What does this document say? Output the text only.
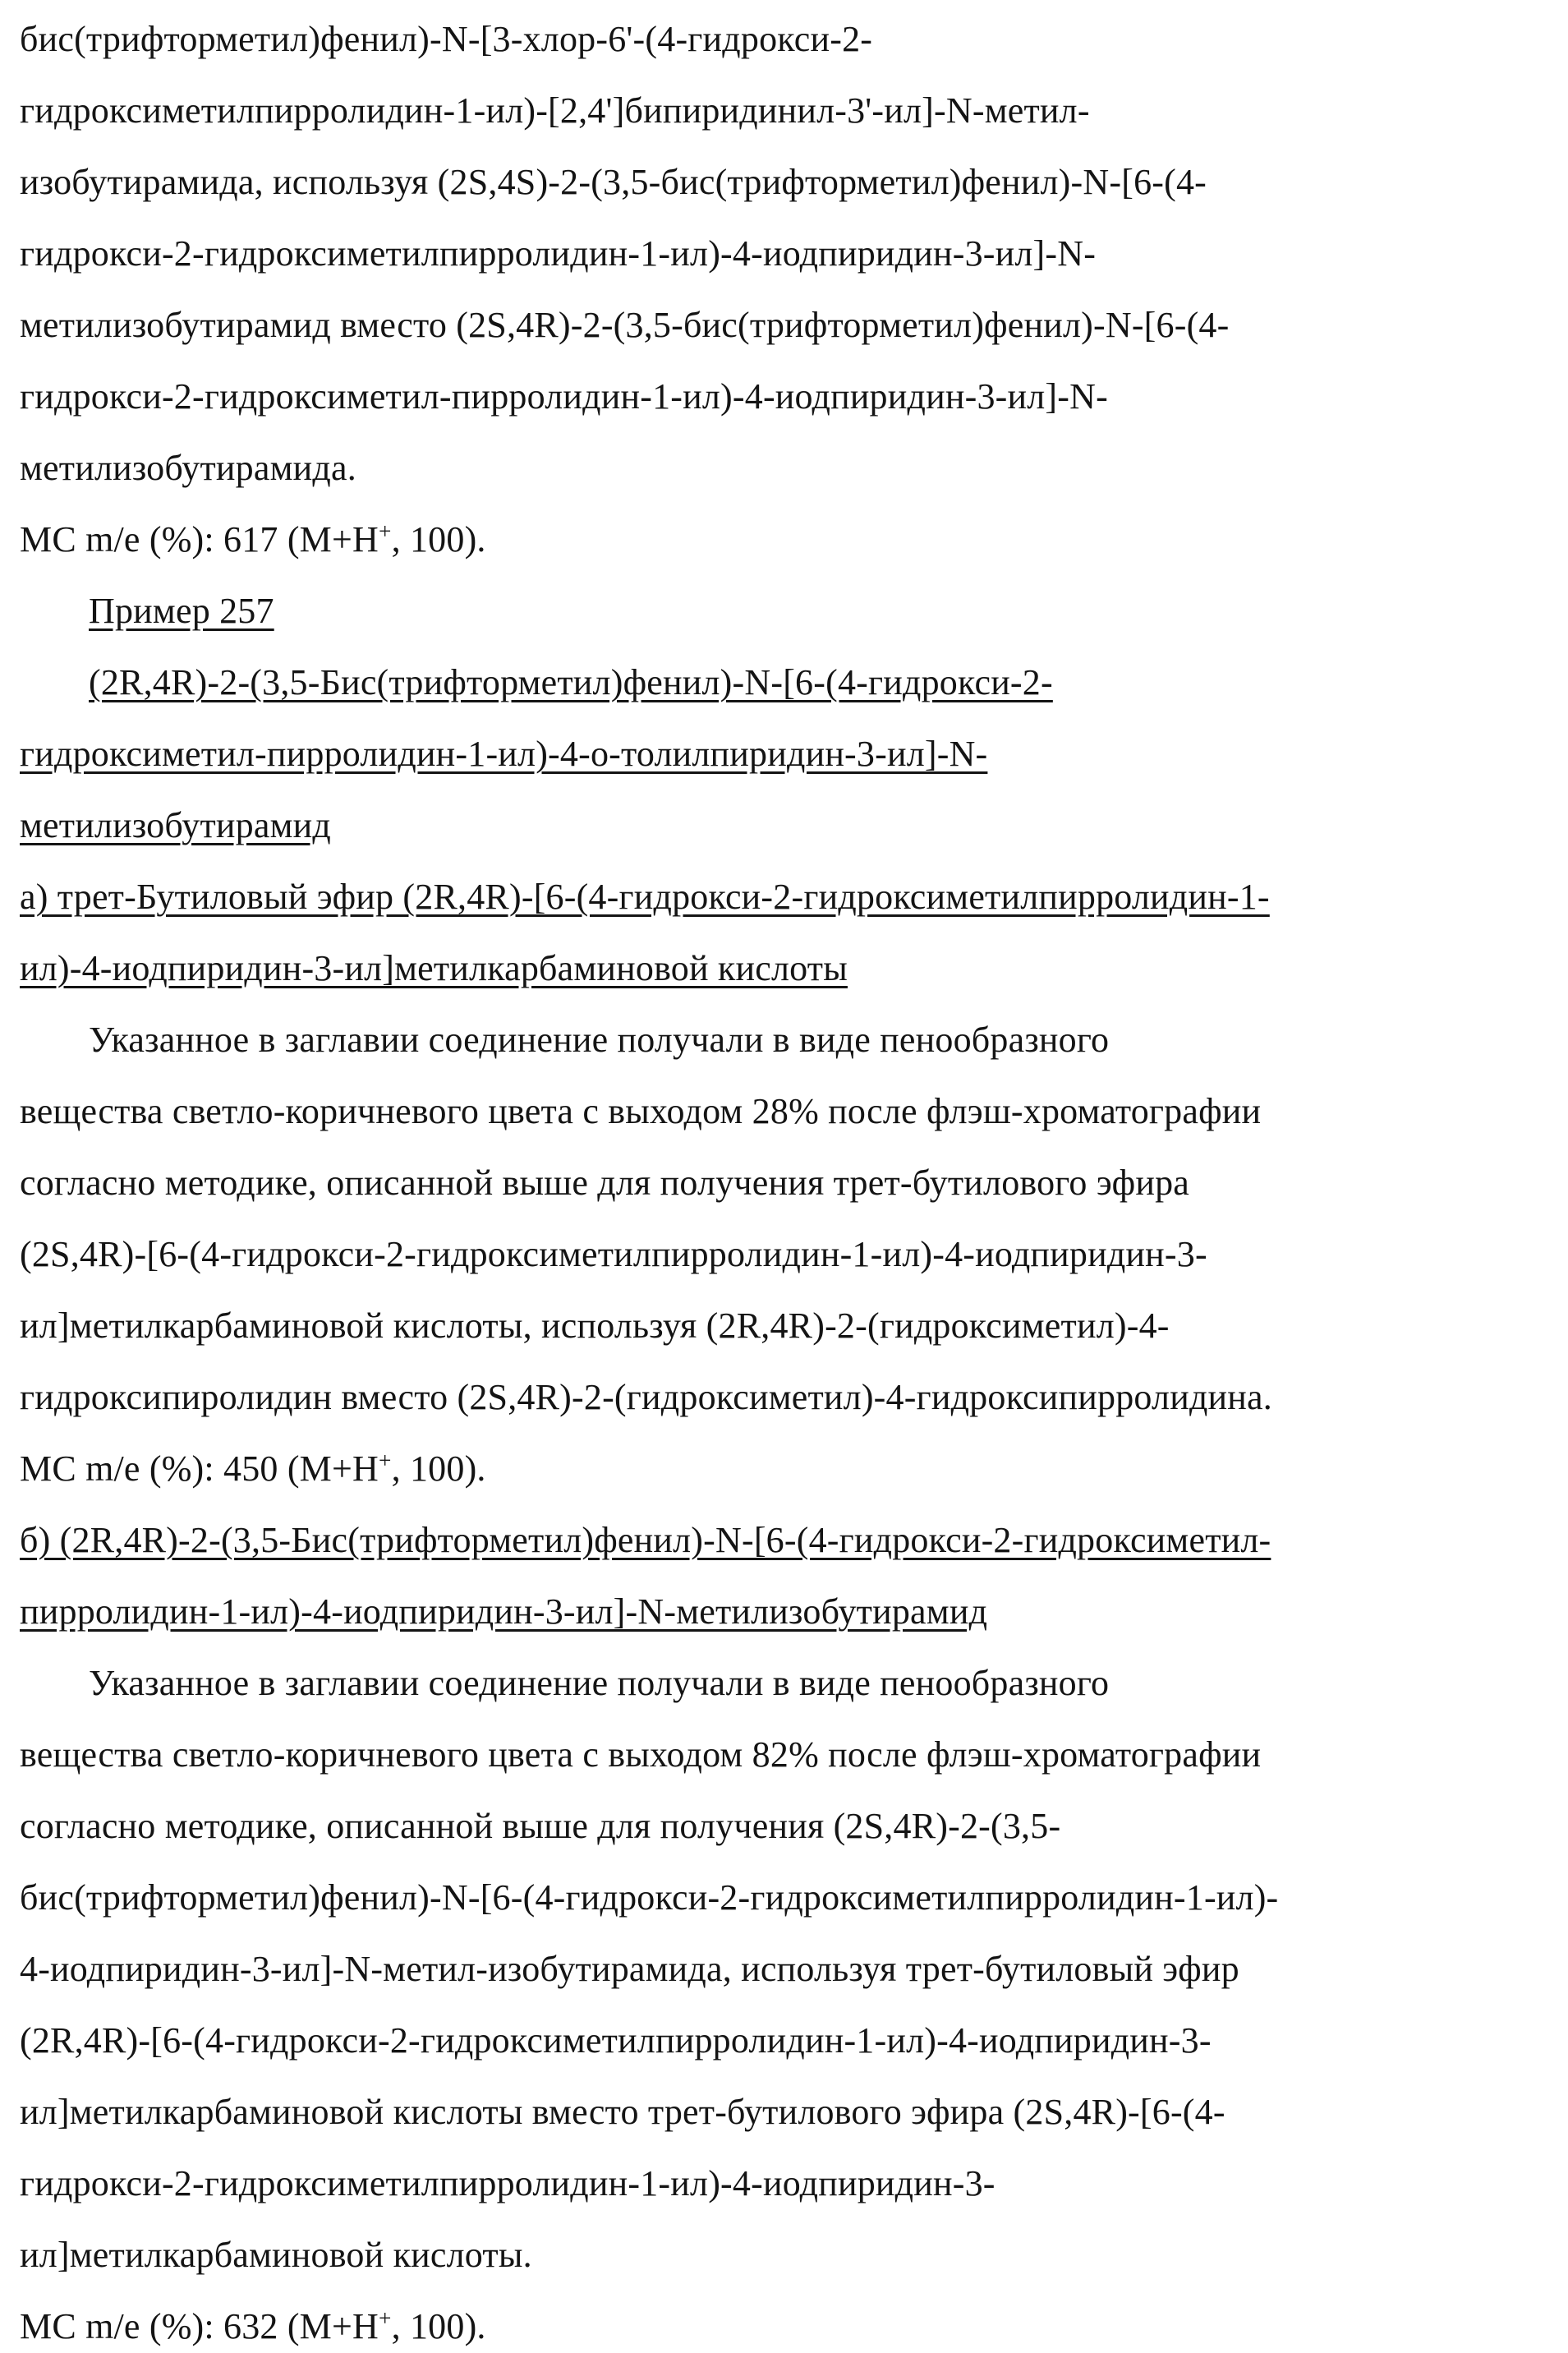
бис(трифторметил)фенил)-N-[3-хлор-6'-(4-гидрокси-2-
гидроксиметилпирролидин-1-ил)-[2,4']бипиридинил-3'-ил]-N-метил-
изобутирамида, используя (2S,4S)-2-(3,5-бис(трифторметил)фенил)-N-[6-(4-
гидрокси-2-гидроксиметилпирролидин-1-ил)-4-иодпиридин-3-ил]-N-
метилизобутирамид вместо (2S,4R)-2-(3,5-бис(трифторметил)фенил)-N-[6-(4-
гидрокси-2-гидроксиметил-пирролидин-1-ил)-4-иодпиридин-3-ил]-N-
метилизобутирамида.
МС m/e (%): 617 (M+H+, 100).
Пример 257
(2R,4R)-2-(3,5-Бис(трифторметил)фенил)-N-[6-(4-гидрокси-2-
гидроксиметил-пирролидин-1-ил)-4-о-толилпиридин-3-ил]-N-
метилизобутирамид
а) трет-Бутиловый эфир (2R,4R)-[6-(4-гидрокси-2-гидроксиметилпирролидин-1-
ил)-4-иодпиридин-3-ил]метилкарбаминовой кислоты
Указанное в заглавии соединение получали в виде пенообразного
вещества светло-коричневого цвета с выходом 28% после флэш-хроматографии
согласно методике, описанной выше для получения трет-бутилового эфира
(2S,4R)-[6-(4-гидрокси-2-гидроксиметилпирролидин-1-ил)-4-иодпиридин-3-
ил]метилкарбаминовой кислоты, используя (2R,4R)-2-(гидроксиметил)-4-
гидроксипиролидин вместо (2S,4R)-2-(гидроксиметил)-4-гидроксипирролидина.
МС m/e (%): 450 (M+H+, 100).
б) (2R,4R)-2-(3,5-Бис(трифторметил)фенил)-N-[6-(4-гидрокси-2-гидроксиметил-
пирролидин-1-ил)-4-иодпиридин-3-ил]-N-метилизобутирамид
Указанное в заглавии соединение получали в виде пенообразного
вещества светло-коричневого цвета с выходом 82% после флэш-хроматографии
согласно методике, описанной выше для получения (2S,4R)-2-(3,5-
бис(трифторметил)фенил)-N-[6-(4-гидрокси-2-гидроксиметилпирролидин-1-ил)-
4-иодпиридин-3-ил]-N-метил-изобутирамида, используя трет-бутиловый эфир
(2R,4R)-[6-(4-гидрокси-2-гидроксиметилпирролидин-1-ил)-4-иодпиридин-3-
ил]метилкарбаминовой кислоты вместо трет-бутилового эфира (2S,4R)-[6-(4-
гидрокси-2-гидроксиметилпирролидин-1-ил)-4-иодпиридин-3-
ил]метилкарбаминовой кислоты.
МС m/e (%): 632 (M+H+, 100).
